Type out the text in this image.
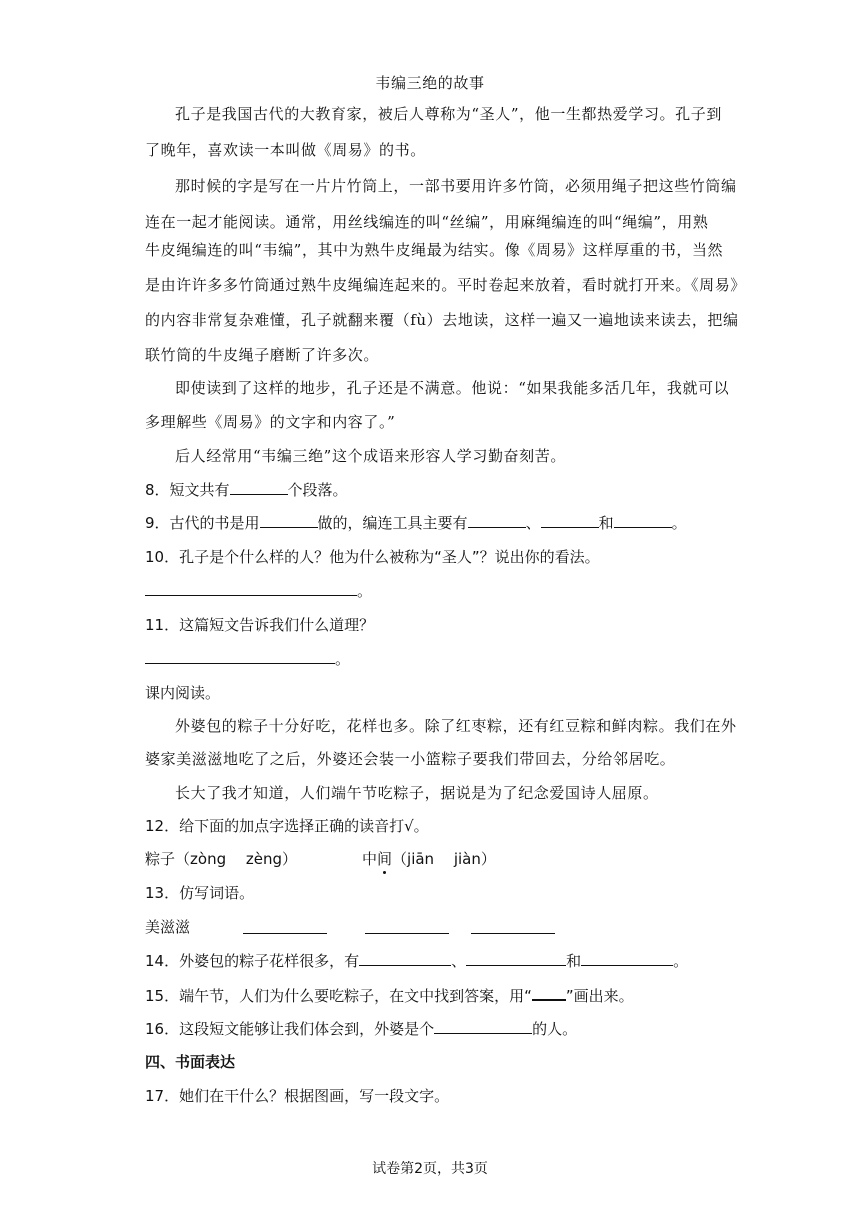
韦编三绝的故事
孔子是我国古代的大教育家，被后人尊称为“圣人”，他一生都热爱学习。孔子到
了晚年，喜欢读一本叫做《周易》的书。
那时候的字是写在一片片竹筒上，一部书要用许多竹筒，必须用绳子把这些竹筒编
连在一起才能阅读。通常，用丝线编连的叫“丝编”，用麻绳编连的叫“绳编”，用熟
牛皮绳编连的叫“韦编”，其中为熟牛皮绳最为结实。像《周易》这样厚重的书，当然
是由许许多多竹筒通过熟牛皮绳编连起来的。平时卷起来放着，看时就打开来。《周易》
的内容非常复杂难懂，孔子就翻来覆（fù）去地读，这样一遍又一遍地读来读去，把编
联竹筒的牛皮绳子磨断了许多次。
即使读到了这样的地步，孔子还是不满意。他说：“如果我能多活几年，我就可以
多理解些《周易》的文字和内容了。”
后人经常用“韦编三绝”这个成语来形容人学习勤奋刻苦。
8．短文共有	个段落。
9．古代的书是用	做的，编连工具主要有	、	和	。
10．孔子是个什么样的人？他为什么被称为“圣人”？说出你的看法。
。
11．这篇短文告诉我们什么道理？
。
课内阅读。
外婆包的粽子十分好吃，花样也多。除了红枣粽，还有红豆粽和鲜肉粽。我们在外
婆家美滋滋地吃了之后，外婆还会装一小篮粽子要我们带回去，分给邻居吃。
长大了我才知道，人们端午节吃粽子，据说是为了纪念爱国诗人屈原。
12．给下面的加点字选择正确的读音打√。
粽子（zòng　 zèng）	中间（jiān　 jiàn）
13．仿写词语。
美滋滋
14．外婆包的粽子花样很多，有	、	和	。
15．端午节，人们为什么要吃粽子，在文中找到答案，用“ ”画出来。
16．这段短文能够让我们体会到，外婆是个	的人。
四、书面表达
17．她们在干什么？根据图画，写一段文字。
试卷第2页，共3页
